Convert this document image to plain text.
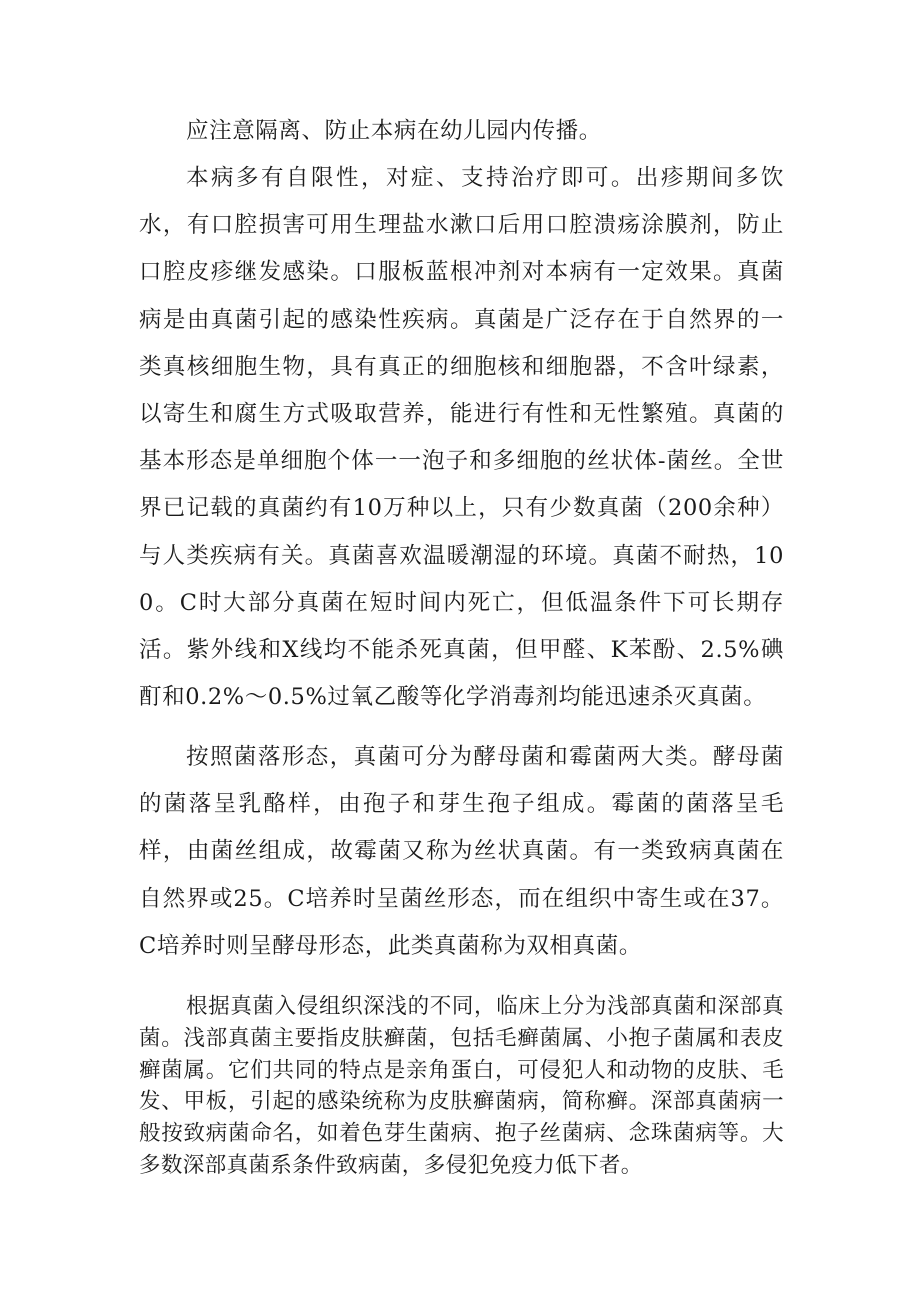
应注意隔离、防止本病在幼儿园内传播。

本病多有自限性，对症、支持治疗即可。出疹期间多饮水，有口腔损害可用生理盐水漱口后用口腔溃疡涂膜剂，防止口腔皮疹继发感染。口服板蓝根冲剂对本病有一定效果。真菌病是由真菌引起的感染性疾病。真菌是广泛存在于自然界的一类真核细胞生物，具有真正的细胞核和细胞器，不含叶绿素，以寄生和腐生方式吸取营养，能进行有性和无性繁殖。真菌的基本形态是单细胞个体一一泡子和多细胞的丝状体-菌丝。全世界已记载的真菌约有10万种以上，只有少数真菌（200余种）与人类疾病有关。真菌喜欢温暖潮湿的环境。真菌不耐热，100。C时大部分真菌在短时间内死亡，但低温条件下可长期存活。紫外线和X线均不能杀死真菌，但甲醛、K苯酚、2.5%碘酊和0.2%～0.5%过氧乙酸等化学消毒剂均能迅速杀灭真菌。

按照菌落形态，真菌可分为酵母菌和霉菌两大类。酵母菌的菌落呈乳酪样，由孢子和芽生孢子组成。霉菌的菌落呈毛样，由菌丝组成，故霉菌又称为丝状真菌。有一类致病真菌在自然界或25。C培养时呈菌丝形态，而在组织中寄生或在37。C培养时则呈酵母形态，此类真菌称为双相真菌。

根据真菌入侵组织深浅的不同，临床上分为浅部真菌和深部真菌。浅部真菌主要指皮肤癣菌，包括毛癣菌属、小抱子菌属和表皮癣菌属。它们共同的特点是亲角蛋白，可侵犯人和动物的皮肤、毛发、甲板，引起的感染统称为皮肤癣菌病，简称癣。深部真菌病一般按致病菌命名，如着色芽生菌病、抱子丝菌病、念珠菌病等。大多数深部真菌系条件致病菌，多侵犯免疫力低下者。
